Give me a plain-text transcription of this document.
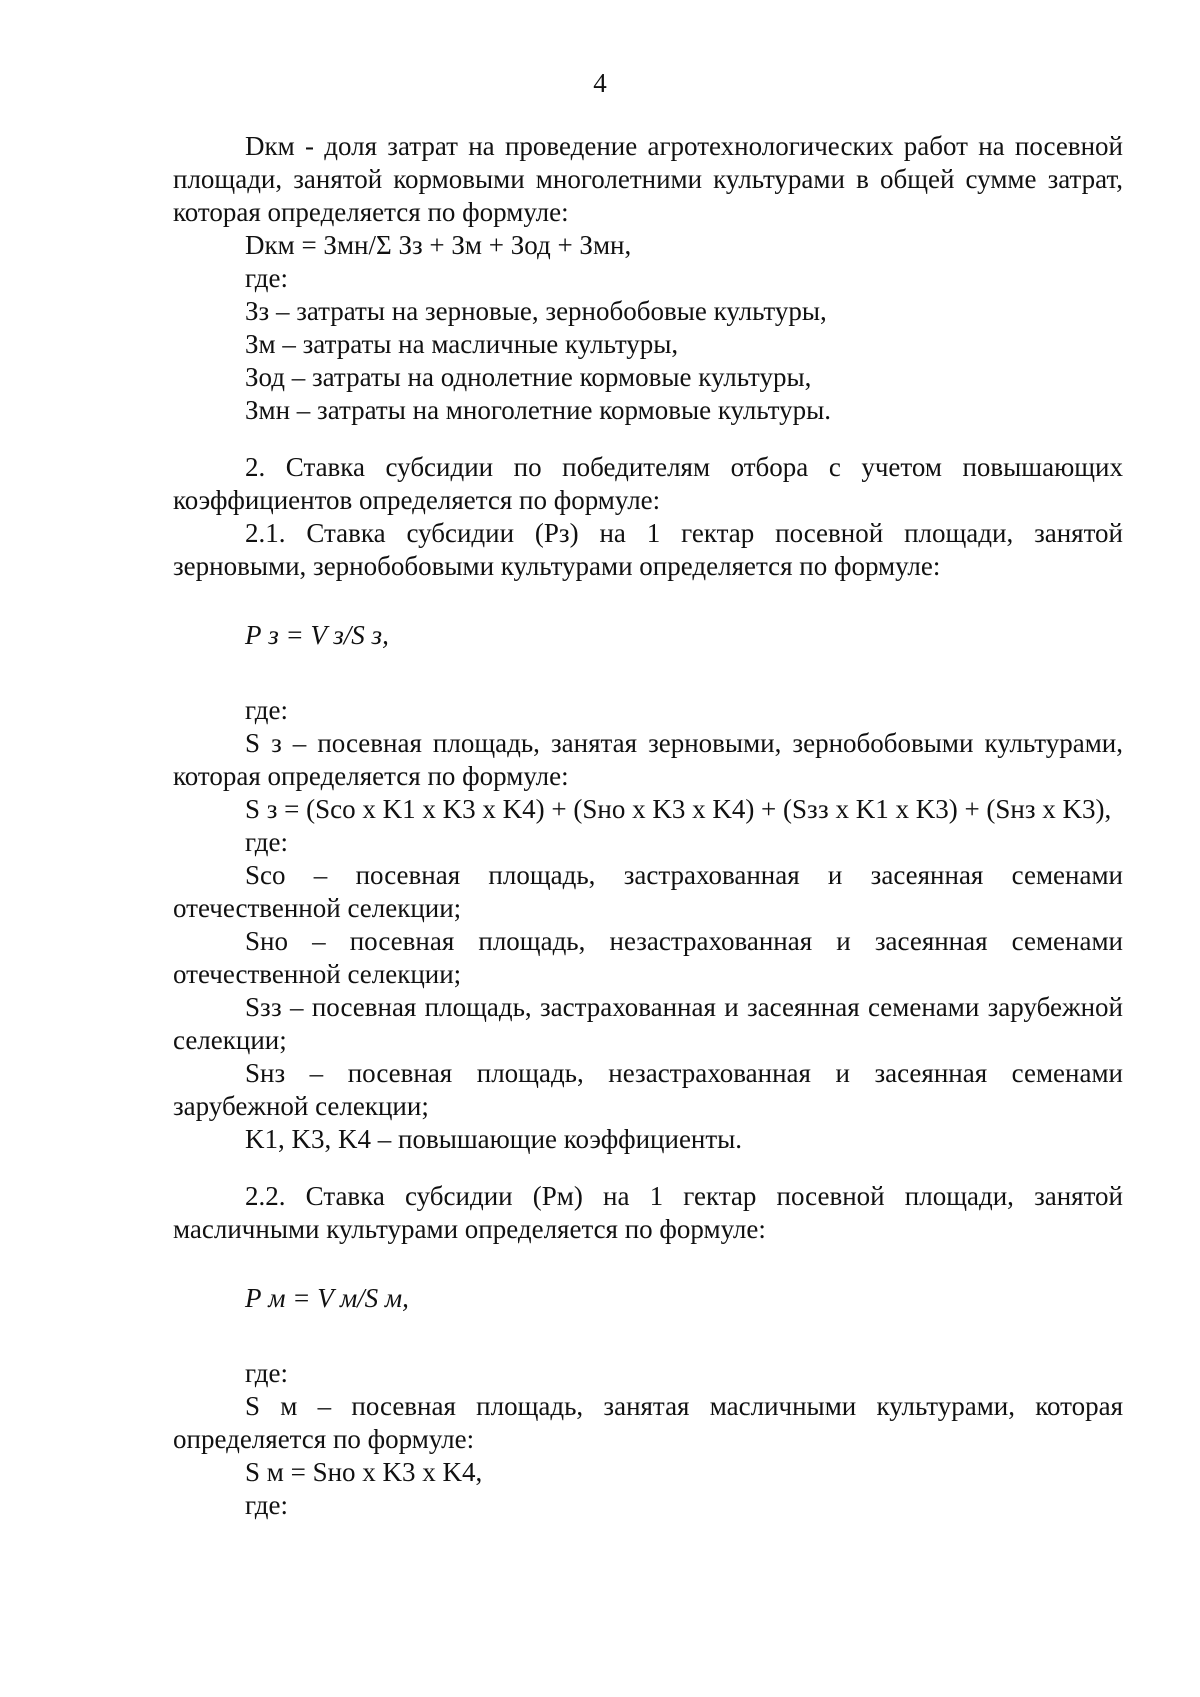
4

Dкм - доля затрат на проведение агротехнологических работ на посевной площади, занятой кормовыми многолетними культурами в общей сумме затрат, которая определяется по формуле:

Dкм = Змн/Σ Зз + Зм + Зод + Змн,

где:

Зз – затраты на зерновые, зернобобовые культуры,

Зм – затраты на масличные культуры,

Зод – затраты на однолетние кормовые культуры,

Змн – затраты на многолетние кормовые культуры.

2. Ставка субсидии по победителям отбора с учетом повышающих коэффициентов определяется по формуле:

2.1. Ставка субсидии (Рз) на 1 гектар посевной площади, занятой зерновыми, зернобобовыми культурами определяется по формуле:

Р з = V з/S з,

где:

S з – посевная площадь, занятая зерновыми, зернобобовыми культурами, которая определяется по формуле:

S з = (Sco x K1 x K3 x K4) + (Sно x K3 x K4) + (Sзз x K1 x K3) + (Sнз x K3),

где:

Sco – посевная площадь, застрахованная и засеянная семенами отечественной селекции;

Sно – посевная площадь, незастрахованная и засеянная семенами отечественной селекции;

Sзз – посевная площадь, застрахованная и засеянная семенами зарубежной селекции;

Sнз – посевная площадь, незастрахованная и засеянная семенами зарубежной селекции;

K1, K3, K4 – повышающие коэффициенты.

2.2. Ставка субсидии (Рм) на 1 гектар посевной площади, занятой масличными культурами определяется по формуле:

Р м = V м/S м,

где:

S м – посевная площадь, занятая масличными культурами, которая определяется по формуле:

S м = Sно x K3 x K4,

где:
